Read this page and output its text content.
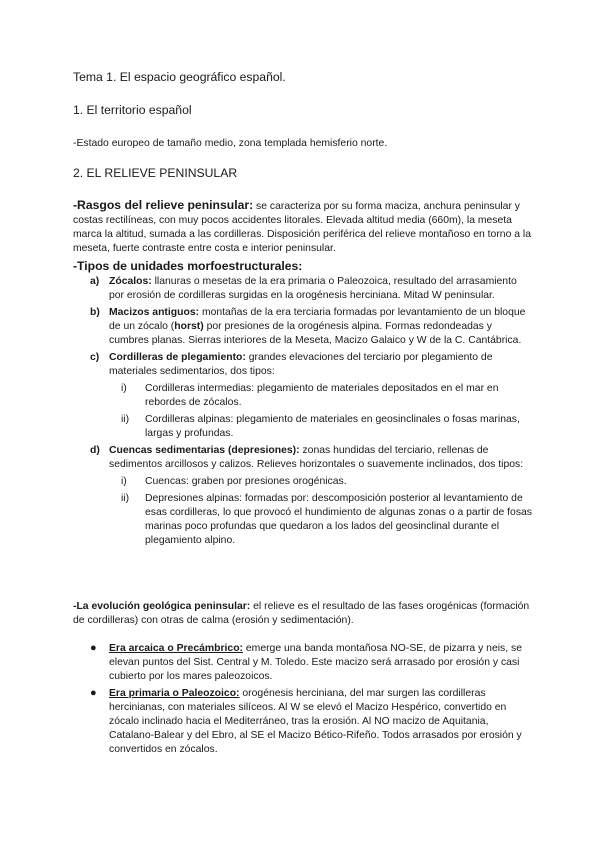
Tema 1. El espacio geográfico español.
1. El territorio español
-Estado europeo de tamaño medio, zona templada hemisferio norte.
2. EL RELIEVE PENINSULAR
-Rasgos del relieve peninsular: se caracteriza por su forma maciza, anchura peninsular y costas rectilíneas, con muy pocos accidentes litorales. Elevada altitud media (660m), la meseta marca la altitud, sumada a las cordilleras. Disposición periférica del relieve montañoso en torno a la meseta, fuerte contraste entre costa e interior peninsular.
-Tipos de unidades morfoestructurales:
a) Zócalos: llanuras o mesetas de la era primaria o Paleozoica, resultado del arrasamiento por erosión de cordilleras surgidas en la orogénesis herciniana. Mitad W peninsular.
b) Macizos antiguos: montañas de la era terciaria formadas por levantamiento de un bloque de un zócalo (horst) por presiones de la orogénesis alpina. Formas redondeadas y cumbres planas. Sierras interiores de la Meseta, Macizo Galaico y W de la C. Cantábrica.
c) Cordilleras de plegamiento: grandes elevaciones del terciario por plegamiento de materiales sedimentarios, dos tipos:
i) Cordilleras intermedias: plegamiento de materiales depositados en el mar en rebordes de zócalos.
ii) Cordilleras alpinas: plegamiento de materiales en geosinclinales o fosas marinas, largas y profundas.
d) Cuencas sedimentarias (depresiones): zonas hundidas del terciario, rellenas de sedimentos arcillosos y calizos. Relieves horizontales o suavemente inclinados, dos tipos:
i) Cuencas: graben por presiones orogénicas.
ii) Depresiones alpinas: formadas por: descomposición posterior al levantamiento de esas cordilleras, lo que provocó el hundimiento de algunas zonas o a partir de fosas marinas poco profundas que quedaron a los lados del geosinclinal durante el plegamiento alpino.
-La evolución geológica peninsular: el relieve es el resultado de las fases orogénicas (formación de cordilleras) con otras de calma (erosión y sedimentación).
● Era arcaica o Precámbrico: emerge una banda montañosa NO-SE, de pizarra y neis, se elevan puntos del Sist. Central y M. Toledo. Este macizo será arrasado por erosión y casi cubierto por los mares paleozoicos.
● Era primaria o Paleozoico: orogénesis herciniana, del mar surgen las cordilleras hercinianas, con materiales silíceos. Al W se elevó el Macizo Hespérico, convertido en zócalo inclinado hacia el Mediterráneo, tras la erosión. Al NO macizo de Aquitania, Catalano-Balear y del Ebro, al SE el Macizo Bético-Rifeño. Todos arrasados por erosión y convertidos en zócalos.
